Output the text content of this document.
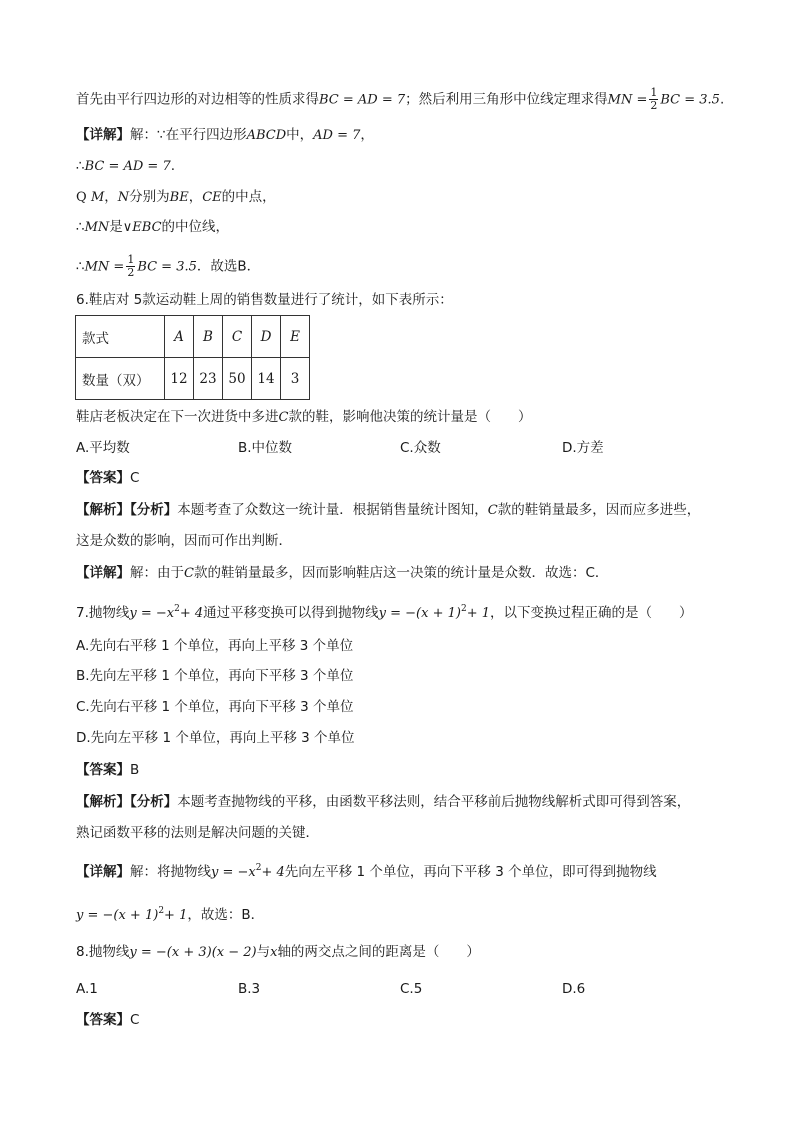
首先由平行四边形的对边相等的性质求得BC = AD = 7；然后利用三角形中位线定理求得MN = $\frac{1}{2}$ BC = 3.5.
【详解】解：∵在平行四边形ABCD中，AD = 7，
∴BC = AD = 7.
Q M，N分别为BE，CE的中点，
∴MN是∨EBC的中位线，
∴MN = $\frac{1}{2}$ BC = 3.5．故选B．
6.鞋店对 5款运动鞋上周的销售数量进行了统计，如下表所示：
款式	A	B	C	D	E
数量（双）	12	23	50	14	3
鞋店老板决定在下一次进货中多进C款的鞋，影响他决策的统计量是（　　）
A.平均数	B.中位数	C.众数	D.方差
【答案】C
【解析】【分析】本题考查了众数这一统计量．根据销售量统计图知，C款的鞋销量最多，因而应多进些，
这是众数的影响，因而可作出判断．
【详解】解：由于C款的鞋销量最多，因而影响鞋店这一决策的统计量是众数．故选：C．
7.抛物线$y = -x^2+ 4$通过平移变换可以得到抛物线$y = -(x + 1)^2+ 1$，以下变换过程正确的是（　　）
A.先向右平移 1 个单位，再向上平移 3 个单位
B.先向左平移 1 个单位，再向下平移 3 个单位
C.先向右平移 1 个单位，再向下平移 3 个单位
D.先向左平移 1 个单位，再向上平移 3 个单位
【答案】B
【解析】【分析】本题考查抛物线的平移，由函数平移法则，结合平移前后抛物线解析式即可得到答案，
熟记函数平移的法则是解决问题的关键．
【详解】解：将抛物线$y = -x^2+ 4$先向左平移 1 个单位，再向下平移 3 个单位，即可得到抛物线
$y = -(x + 1)^2+ 1$，故选：B．
8.抛物线y = −(x + 3)(x − 2)与x轴的两交点之间的距离是（　　）
A.1	B.3	C.5	D.6
【答案】C
